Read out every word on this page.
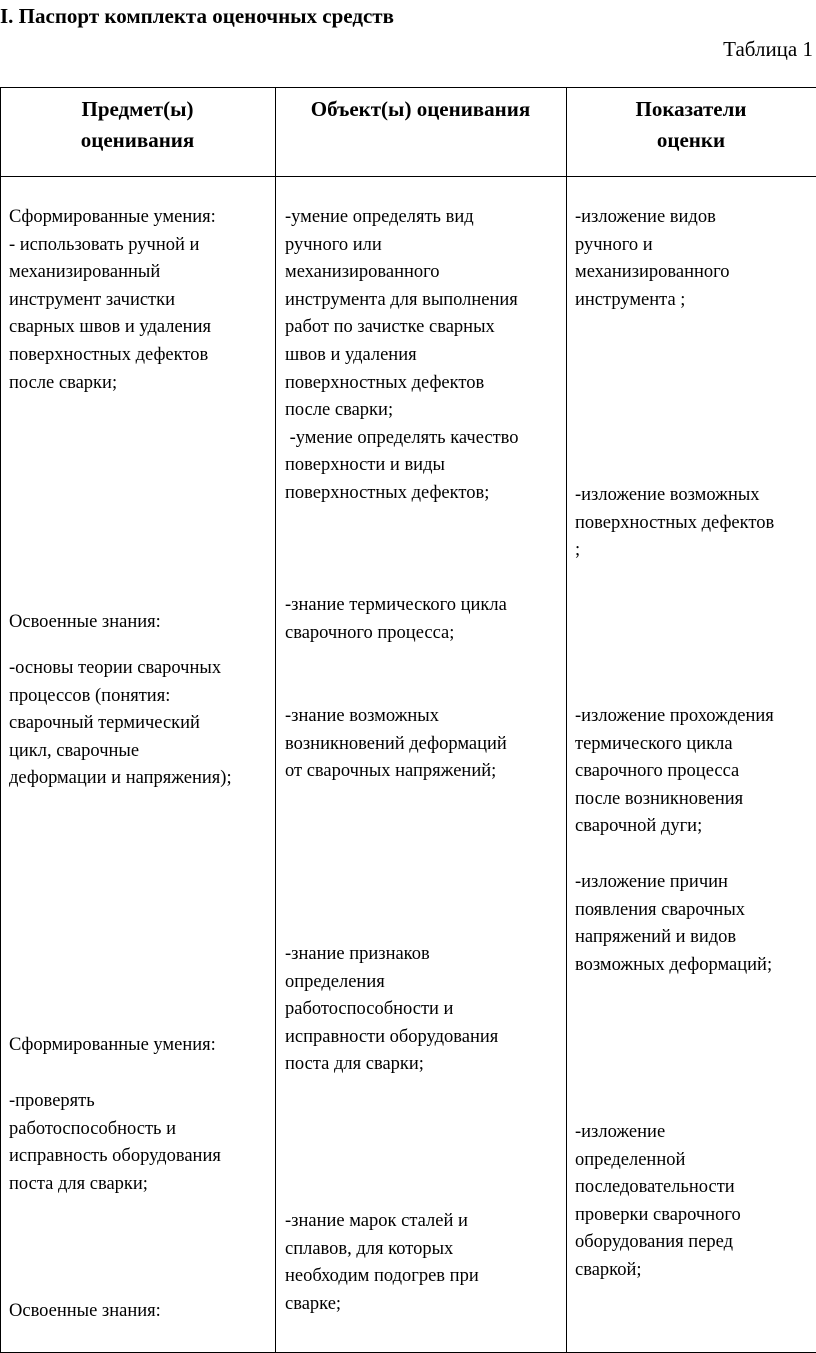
I. Паспорт комплекта оценочных средств
Таблица 1
Предмет(ы)
оценивания
Объект(ы) оценивания	Показатели
оценки
Сформированные умения:
- использовать ручной и
механизированный
инструмент зачистки
сварных швов и удаления
поверхностных дефектов
после сварки;
Освоенные знания:
-основы теории сварочных
процессов (понятия:
сварочный термический
цикл, сварочные
деформации и напряжения);
Сформированные умения:
-проверять
работоспособность и
исправность оборудования
поста для сварки;
Освоенные знания:
-умение определять вид
ручного или
механизированного
инструмента для выполнения
работ по зачистке сварных
швов и удаления
поверхностных дефектов
после сварки;
-умение определять качество
поверхности и виды
поверхностных дефектов;
-знание термического цикла
сварочного процесса;
-знание возможных
возникновений деформаций
от сварочных напряжений;
-знание признаков
определения
работоспособности и
исправности оборудования
поста для сварки;
-знание марок сталей и
сплавов, для которых
необходим подогрев при
сварке;
-изложение видов
ручного и
механизированного
инструмента ;
-изложение возможных
поверхностных дефектов
;
-изложение прохождения
термического цикла
сварочного процесса
после возникновения
сварочной дуги;
-изложение причин
появления сварочных
напряжений и видов
возможных деформаций;
-изложение
определенной
последовательности
проверки сварочного
оборудования перед
сваркой;
